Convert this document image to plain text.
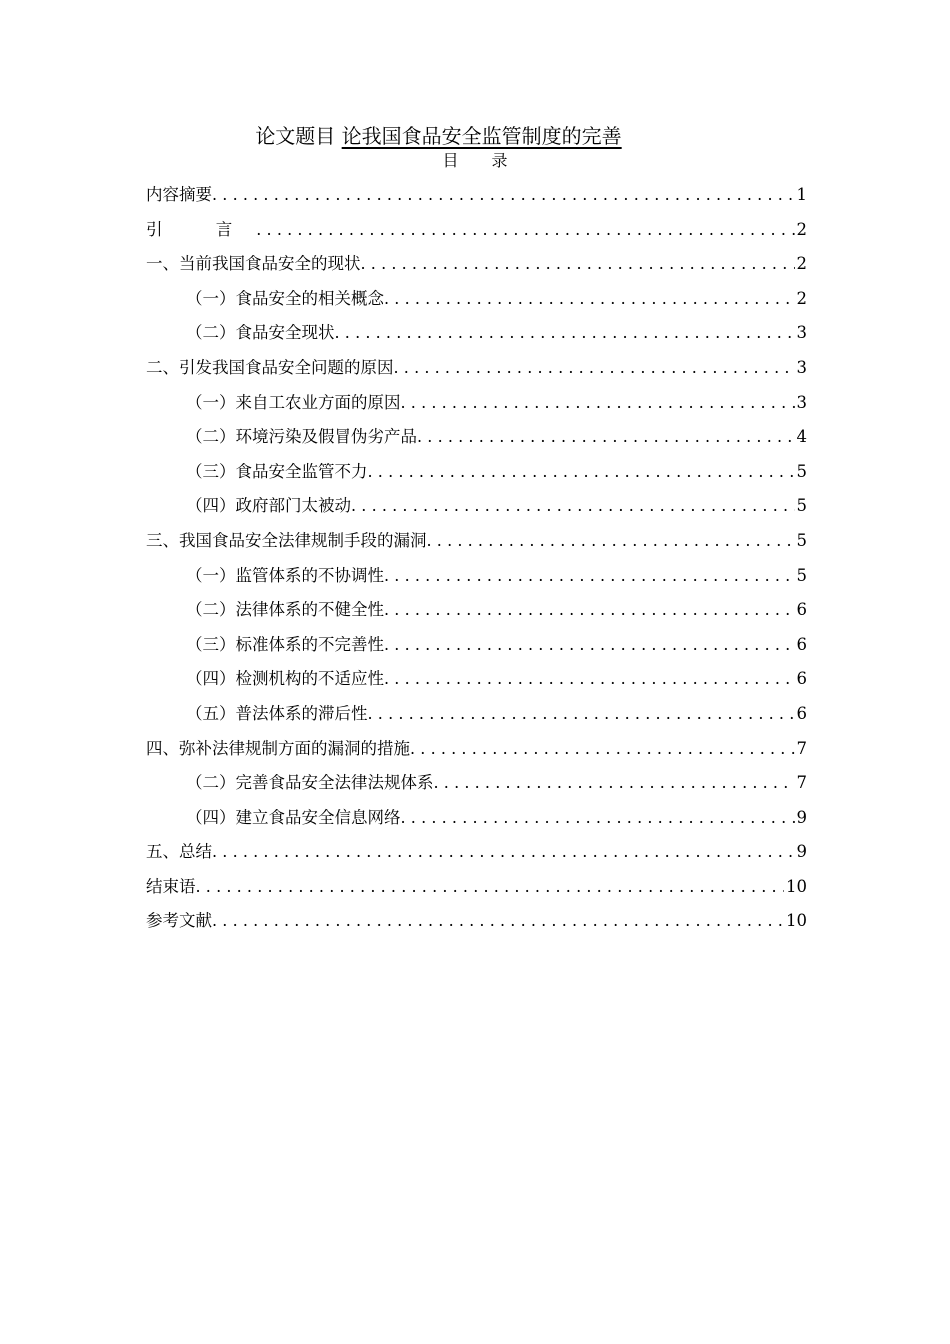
论文题目 论我国食品安全监管制度的完善
目 录
内容摘要 .....	1
引 言 .....	2
一、当前我国食品安全的现状 .....	2
（一）食品安全的相关概念 .....	2
（二）食品安全现状 .....	3
二、引发我国食品安全问题的原因 .....	3
（一）来自工农业方面的原因 .....	3
（二）环境污染及假冒伪劣产品 .....	4
（三）食品安全监管不力 .....	5
（四）政府部门太被动 .....	5
三、我国食品安全法律规制手段的漏洞 .....	5
（一）监管体系的不协调性 .....	5
（二）法律体系的不健全性 .....	6
（三）标准体系的不完善性 .....	6
（四）检测机构的不适应性 .....	6
（五）普法体系的滞后性 .....	6
四、弥补法律规制方面的漏洞的措施 .....	7
（二）完善食品安全法律法规体系 .....	7
（四）建立食品安全信息网络 .....	9
五、总结 .....	9
结束语 .....	10
参考文献 .....	10
